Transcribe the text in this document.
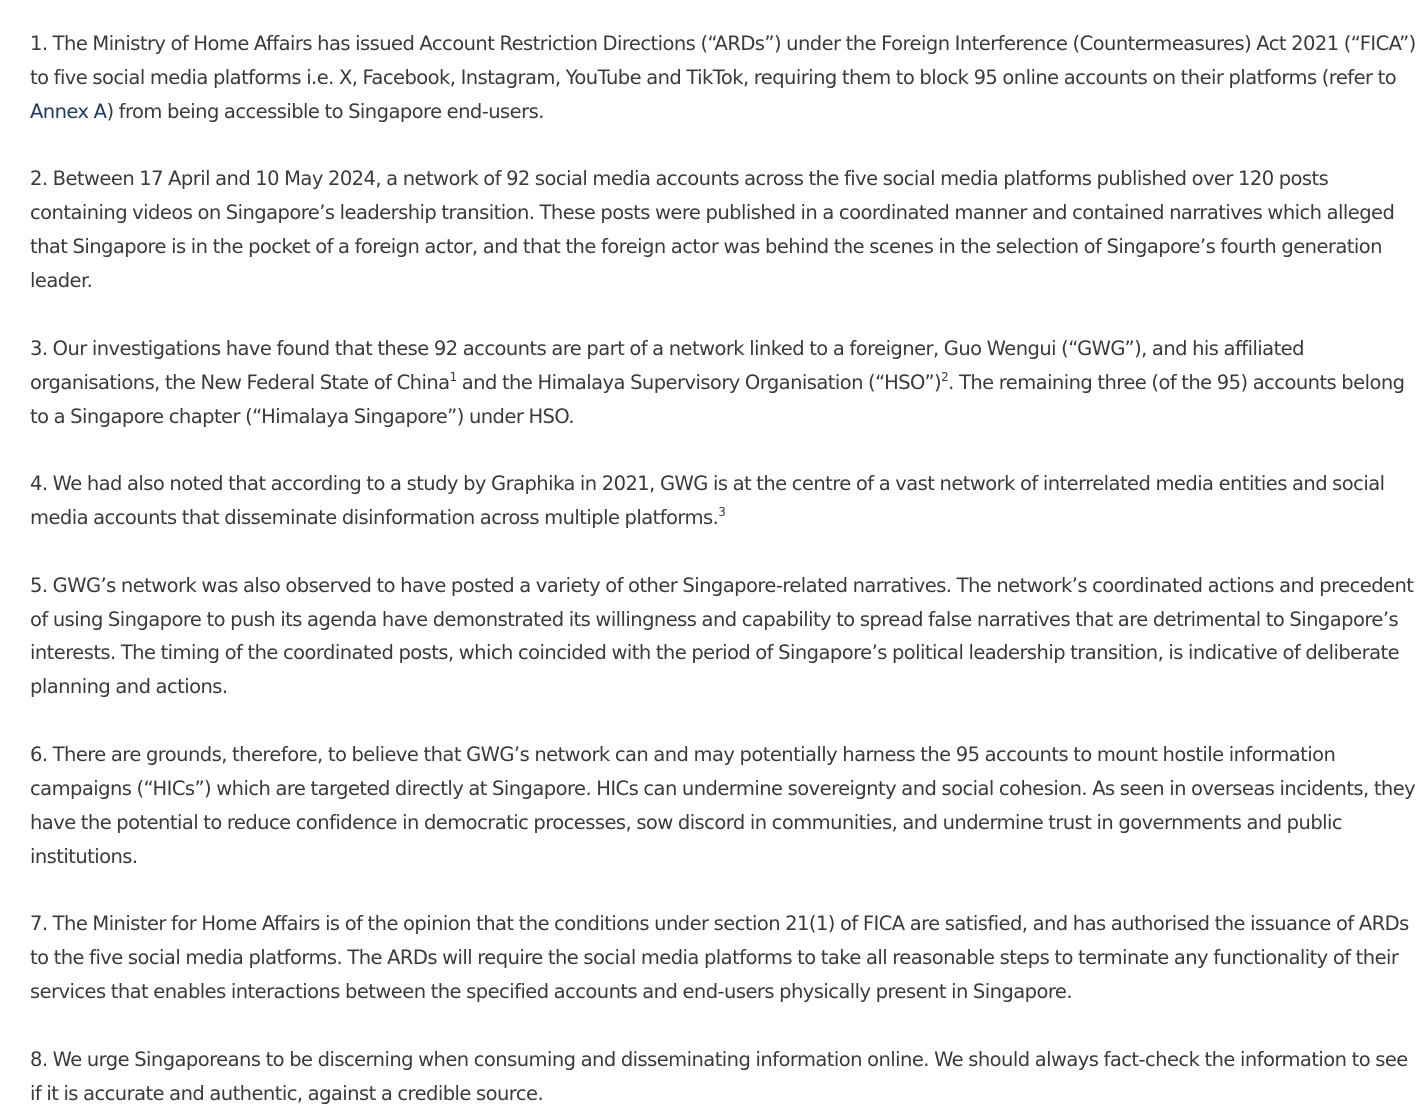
1. The Ministry of Home Affairs has issued Account Restriction Directions (“ARDs”) under the Foreign Interference (Countermeasures) Act 2021 (“FICA”) to five social media platforms i.e. X, Facebook, Instagram, YouTube and TikTok, requiring them to block 95 online accounts on their platforms (refer to Annex A) from being accessible to Singapore end-users.

2. Between 17 April and 10 May 2024, a network of 92 social media accounts across the five social media platforms published over 120 posts containing videos on Singapore’s leadership transition. These posts were published in a coordinated manner and contained narratives which alleged that Singapore is in the pocket of a foreign actor, and that the foreign actor was behind the scenes in the selection of Singapore’s fourth generation leader.

3. Our investigations have found that these 92 accounts are part of a network linked to a foreigner, Guo Wengui (“GWG”), and his affiliated organisations, the New Federal State of China$^1$ and the Himalaya Supervisory Organisation (“HSO”)$^2$. The remaining three (of the 95) accounts belong to a Singapore chapter (“Himalaya Singapore”) under HSO.

4. We had also noted that according to a study by Graphika in 2021, GWG is at the centre of a vast network of interrelated media entities and social media accounts that disseminate disinformation across multiple platforms.$^3$

5. GWG’s network was also observed to have posted a variety of other Singapore-related narratives. The network’s coordinated actions and precedent of using Singapore to push its agenda have demonstrated its willingness and capability to spread false narratives that are detrimental to Singapore’s interests. The timing of the coordinated posts, which coincided with the period of Singapore’s political leadership transition, is indicative of deliberate planning and actions.

6. There are grounds, therefore, to believe that GWG’s network can and may potentially harness the 95 accounts to mount hostile information campaigns (“HICs”) which are targeted directly at Singapore. HICs can undermine sovereignty and social cohesion. As seen in overseas incidents, they have the potential to reduce confidence in democratic processes, sow discord in communities, and undermine trust in governments and public institutions.

7. The Minister for Home Affairs is of the opinion that the conditions under section 21(1) of FICA are satisfied, and has authorised the issuance of ARDs to the five social media platforms. The ARDs will require the social media platforms to take all reasonable steps to terminate any functionality of their services that enables interactions between the specified accounts and end-users physically present in Singapore.

8. We urge Singaporeans to be discerning when consuming and disseminating information online. We should always fact-check the information to see if it is accurate and authentic, against a credible source.
